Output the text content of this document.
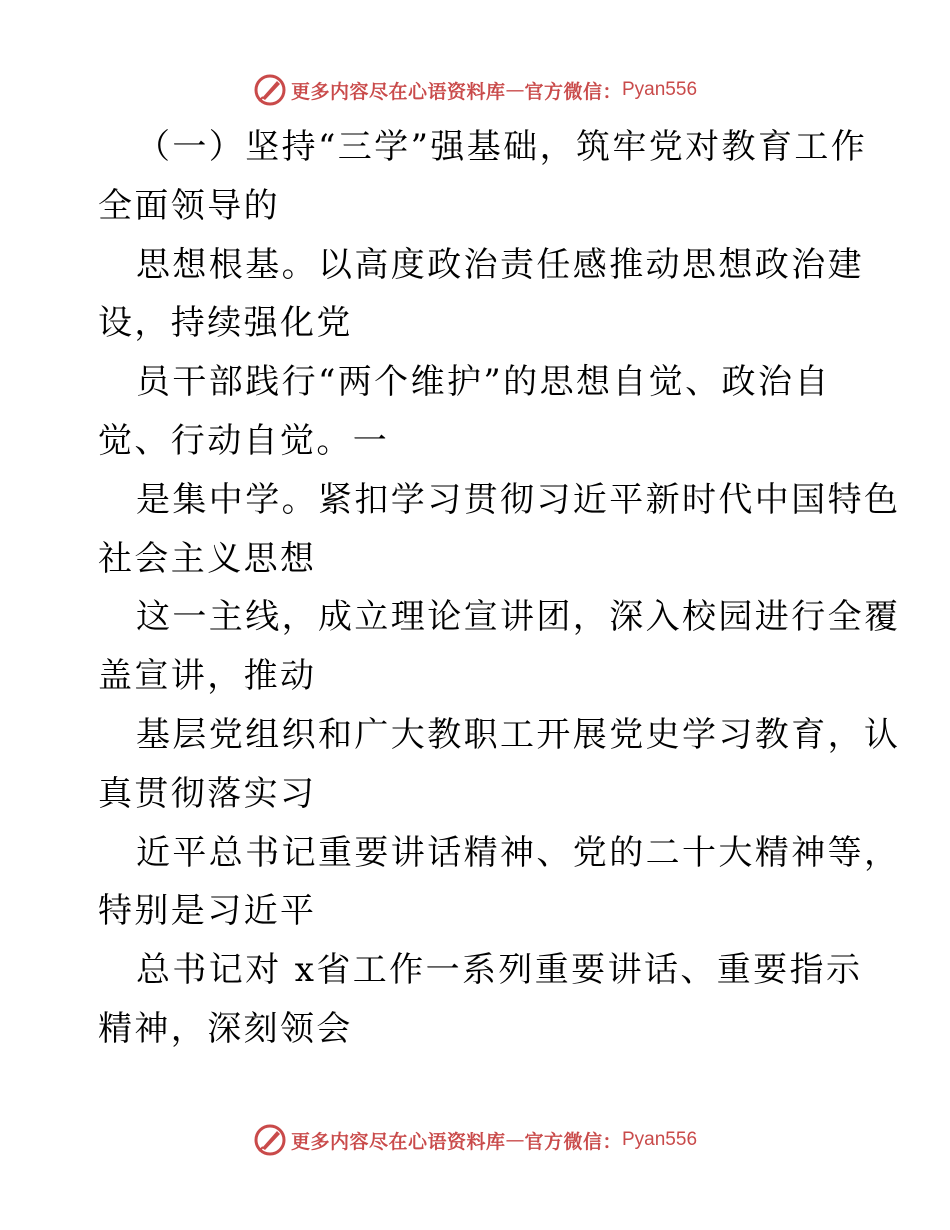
更多内容尽在心语资料库 — 官方微信： Pyan556
（一）坚持“三学”强基础，筑牢党对教育工作
全面领导的
思想根基。以高度政治责任感推动思想政治建
设，持续强化党
员干部践行“两个维护”的思想自觉、政治自
觉、行动自觉。一
是集中学。紧扣学习贯彻习近平新时代中国特色
社会主义思想
这一主线，成立理论宣讲团，深入校园进行全覆
盖宣讲，推动
基层党组织和广大教职工开展党史学习教育，认
真贯彻落实习
近平总书记重要讲话精神、党的二十大精神等，
特别是习近平
总书记对 x省工作一系列重要讲话、重要指示
精神，深刻领会
更多内容尽在心语资料库 — 官方微信： Pyan556
